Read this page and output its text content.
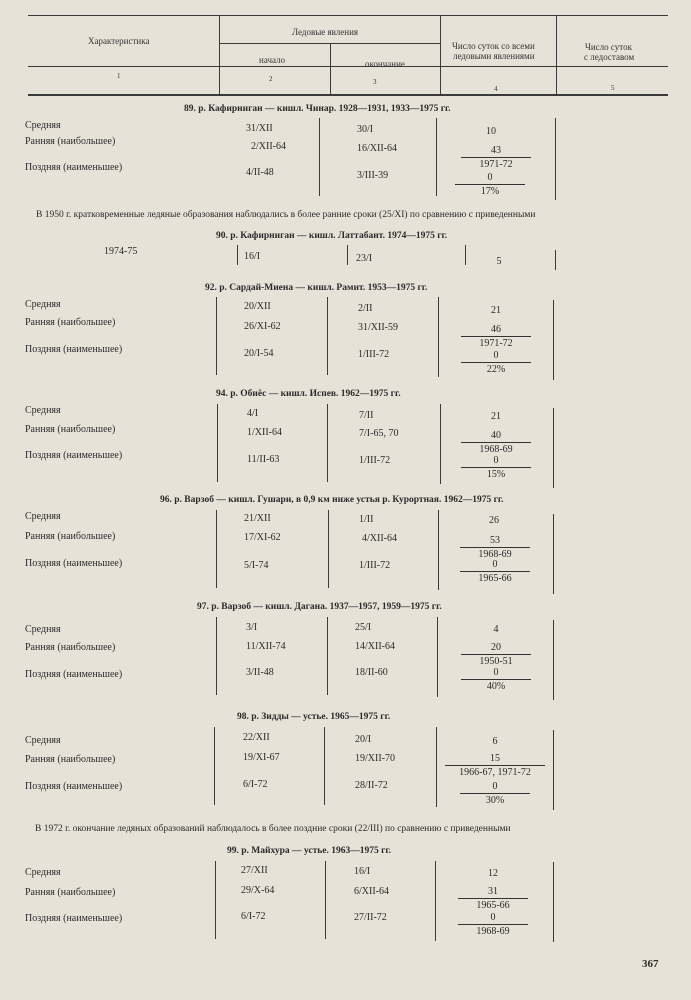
Характеристика
Ледовые явления
начало	окончание
Число суток со всеми
ледовыми явлениями
Число суток
с ледоставом
1	2	3
4	5
89. р. Кафирниган — кишл. Чинар. 1928—1931, 1933—1975 гг.
Средняя	31/XII	30/I	10
Ранняя (наибольшее)	2/XII-64	16/XII-64	43
1971-72
Поздняя (наименьшее)	4/II-48	3/III-39	0
17%
В 1950 г. кратковременные ледяные образования наблюдались в более ранние сроки (25/XI) по сравнению с приведенными
90. р. Кафирниган — кишл. Латтабант. 1974—1975 гг.
1974-75	16/I	23/I	5
92. р. Сардай-Миена — кишл. Рамит. 1953—1975 гг.
Средняя	20/XII	2/II	21
Ранняя (наибольшее)	26/XI-62	31/XII-59	46
1971-72
Поздняя (наименьшее)	20/I-54	1/III-72	0
22%
94. р. Обиёс — кишл. Испев. 1962—1975 гг.
Средняя	4/I	7/II	21
Ранняя (наибольшее)	1/XII-64	7/I-65, 70	40
1968-69
Поздняя (наименьшее)	11/II-63	1/III-72	0
15%
96. р. Варзоб — кишл. Гушари, в 0,9 км ниже устья р. Курортная. 1962—1975 гг.
Средняя	21/XII	1/II	26
Ранняя (наибольшее)	17/XI-62	4/XII-64	53
1968-69
Поздняя (наименьшее)	5/I-74	1/III-72	0
1965-66
97. р. Варзоб — кишл. Дагана. 1937—1957, 1959—1975 гг.
Средняя	3/I	25/I	4
Ранняя (наибольшее)	11/XII-74	14/XII-64	20
1950-51
Поздняя (наименьшее)	3/II-48	18/II-60	0
40%
98. р. Зидды — устье. 1965—1975 гг.
Средняя	22/XII	20/I	6
Ранняя (наибольшее)	19/XI-67	19/XII-70	15
1966-67, 1971-72
Поздняя (наименьшее)	6/I-72	28/II-72	0
30%
В 1972 г. окончание ледяных образований наблюдалось в более поздние сроки (22/III) по сравнению с приведенными
99. р. Майхура — устье. 1963—1975 гг.
Средняя	27/XII	16/I	12
Ранняя (наибольшее)	29/X-64	6/XII-64	31
1965-66
Поздняя (наименьшее)	6/I-72	27/II-72	0
1968-69
367
